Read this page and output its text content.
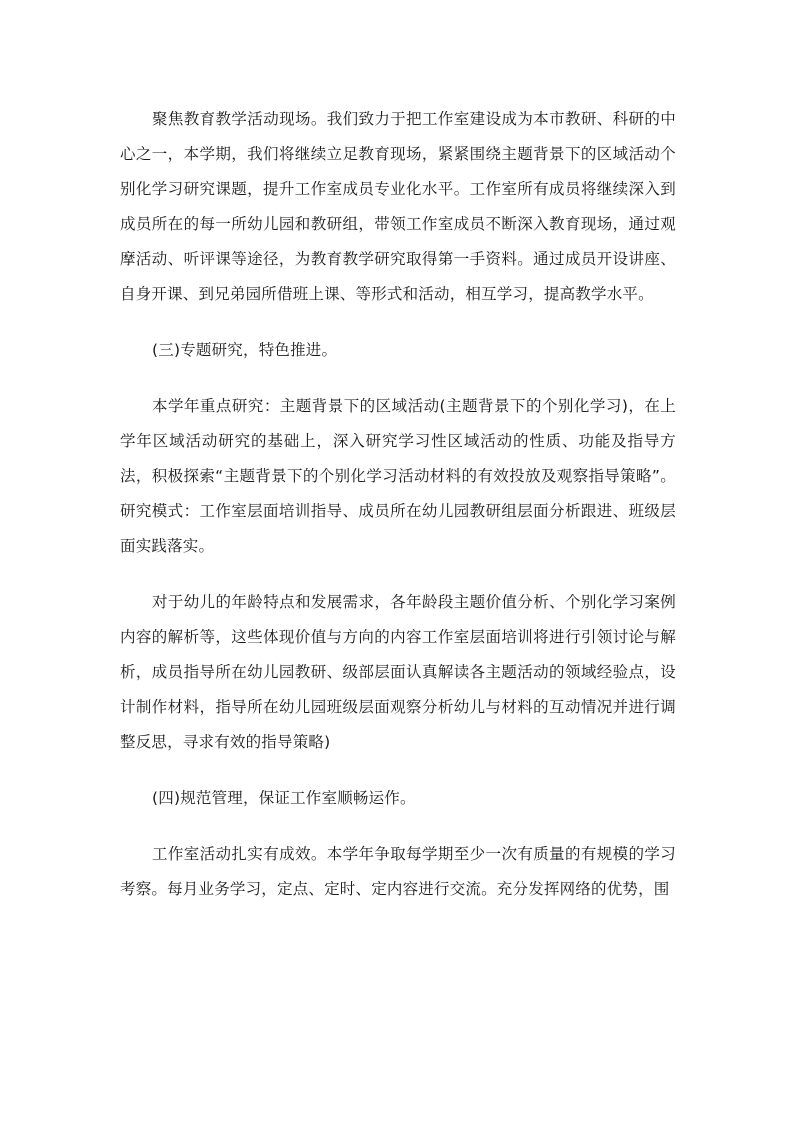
聚焦教育教学活动现场。我们致力于把工作室建设成为本市教研、科研的中心之一，本学期，我们将继续立足教育现场，紧紧围绕主题背景下的区域活动个别化学习研究课题，提升工作室成员专业化水平。工作室所有成员将继续深入到成员所在的每一所幼儿园和教研组，带领工作室成员不断深入教育现场，通过观摩活动、听评课等途径，为教育教学研究取得第一手资料。通过成员开设讲座、自身开课、到兄弟园所借班上课、等形式和活动，相互学习，提高教学水平。

(三)专题研究，特色推进。

本学年重点研究：主题背景下的区域活动(主题背景下的个别化学习)，在上学年区域活动研究的基础上，深入研究学习性区域活动的性质、功能及指导方法，积极探索“主题背景下的个别化学习活动材料的有效投放及观察指导策略”。研究模式：工作室层面培训指导、成员所在幼儿园教研组层面分析跟进、班级层面实践落实。

对于幼儿的年龄特点和发展需求，各年龄段主题价值分析、个别化学习案例内容的解析等，这些体现价值与方向的内容工作室层面培训将进行引领讨论与解析，成员指导所在幼儿园教研、级部层面认真解读各主题活动的领域经验点，设计制作材料，指导所在幼儿园班级层面观察分析幼儿与材料的互动情况并进行调整反思，寻求有效的指导策略)

(四)规范管理，保证工作室顺畅运作。

工作室活动扎实有成效。本学年争取每学期至少一次有质量的有规模的学习考察。每月业务学习，定点、定时、定内容进行交流。充分发挥网络的优势，围
